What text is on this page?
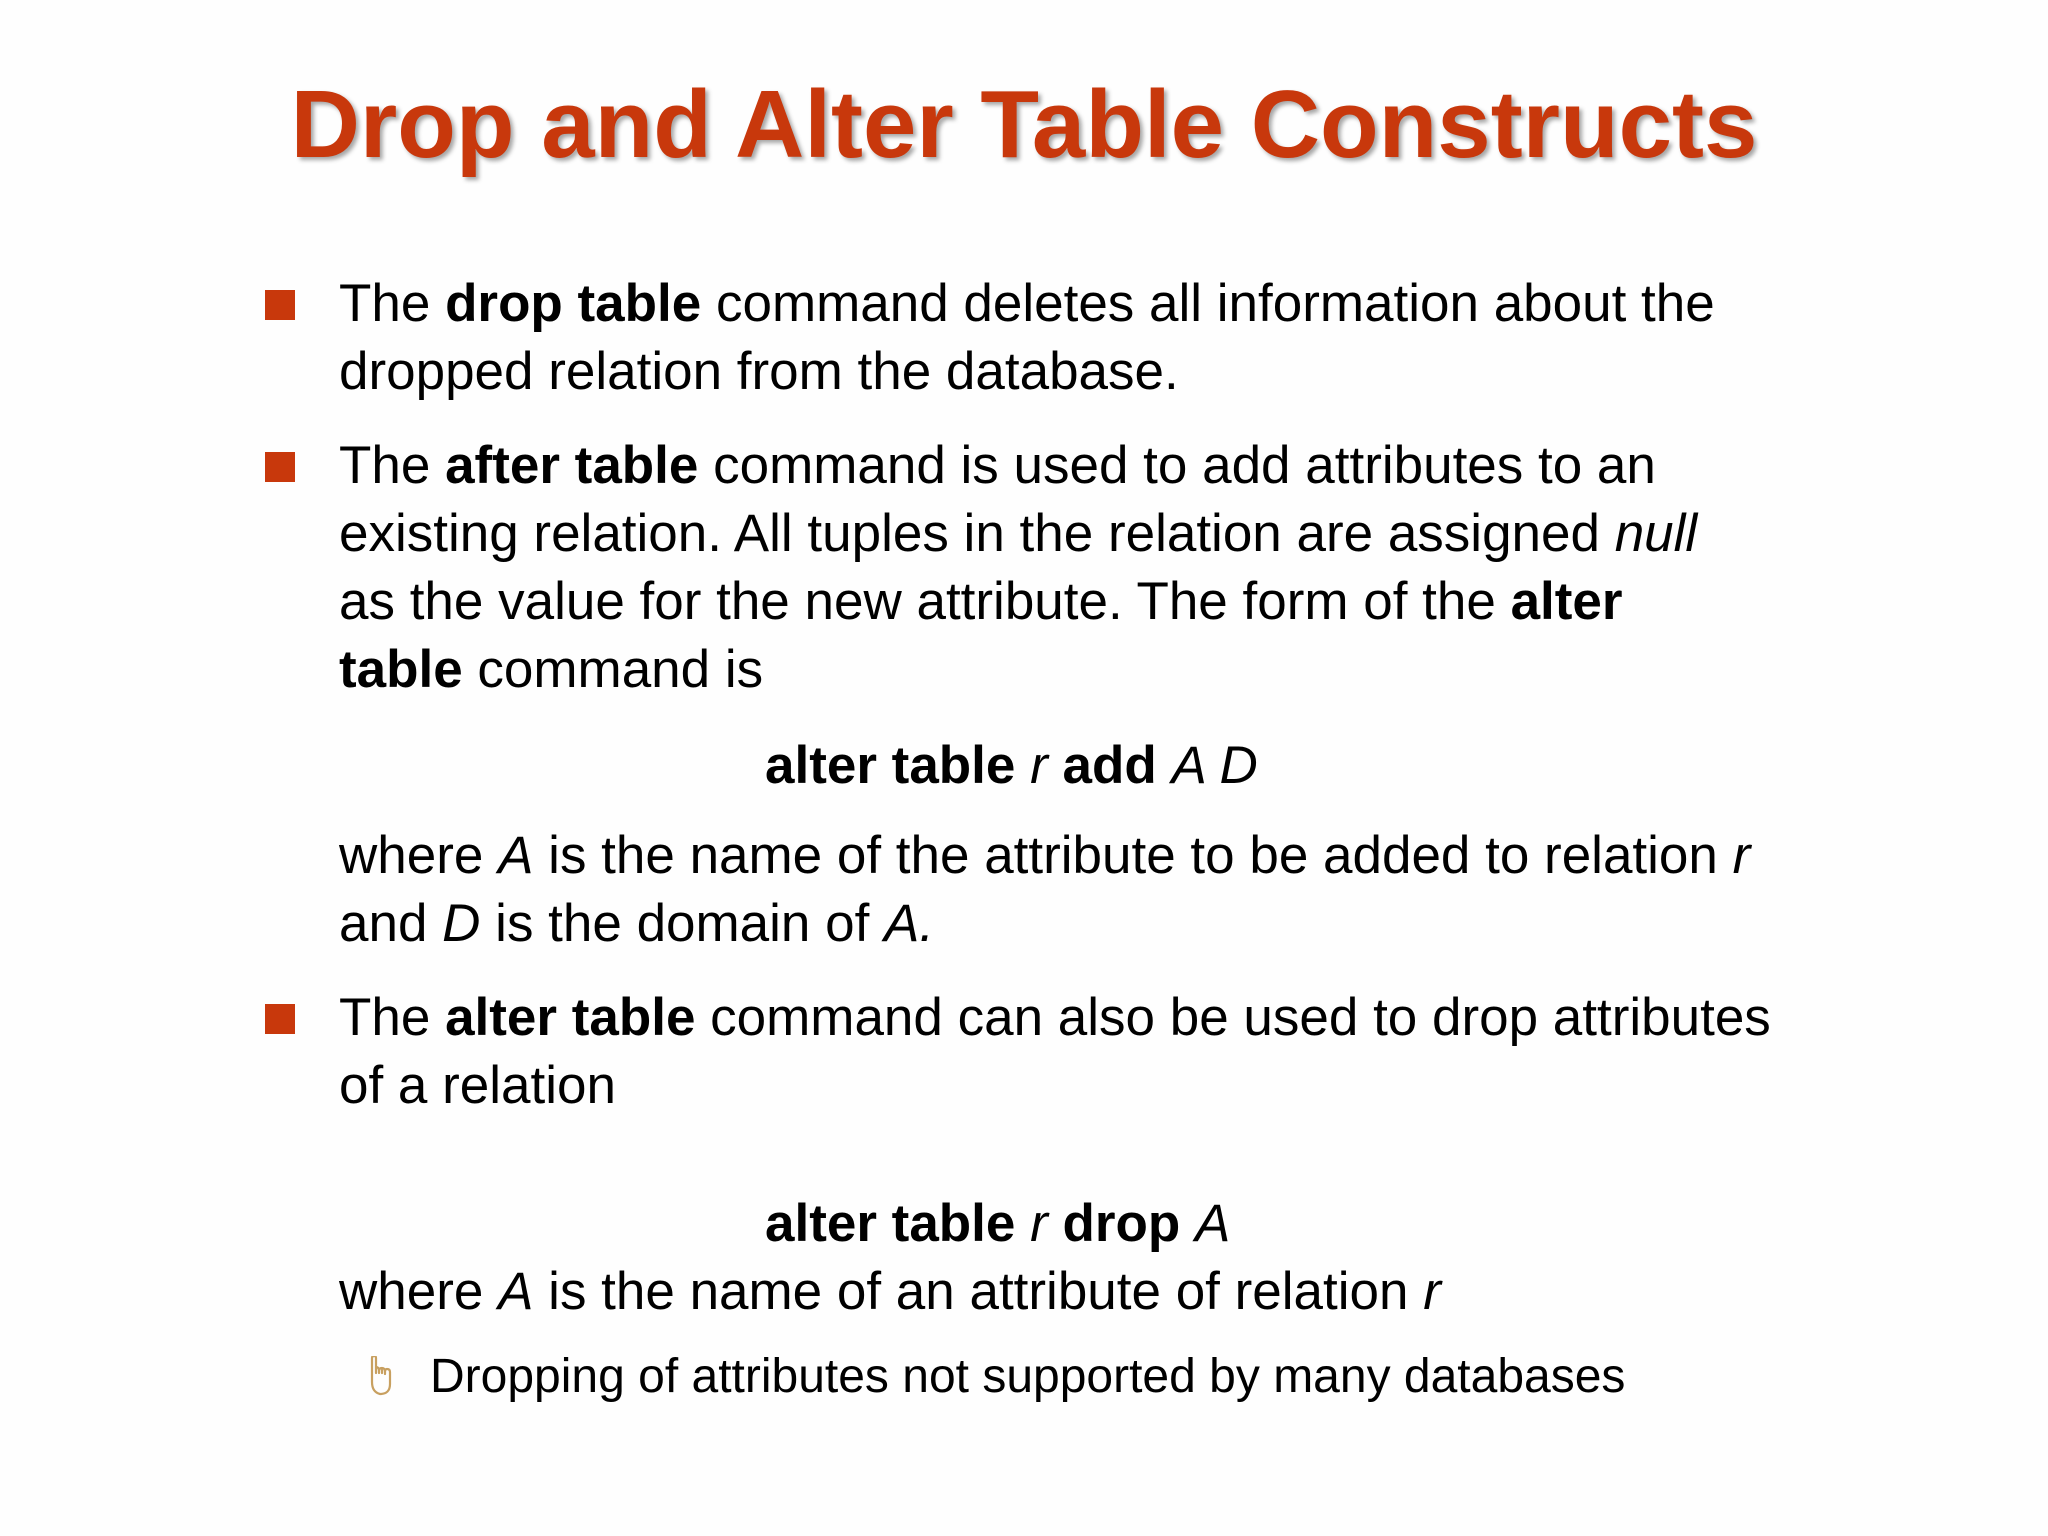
Drop and Alter Table Constructs
The drop table command deletes all information about the
dropped relation from the database.
The after table command is used to add attributes to an
existing relation. All tuples in the relation are assigned null
as the value for the new attribute. The form of the alter
table command is
alter table r add A D
where A is the name of the attribute to be added to relation r
and D is the domain of A.
The alter table command can also be used to drop attributes
of a relation
alter table r drop A
where A is the name of an attribute of relation r
Dropping of attributes not supported by many databases
